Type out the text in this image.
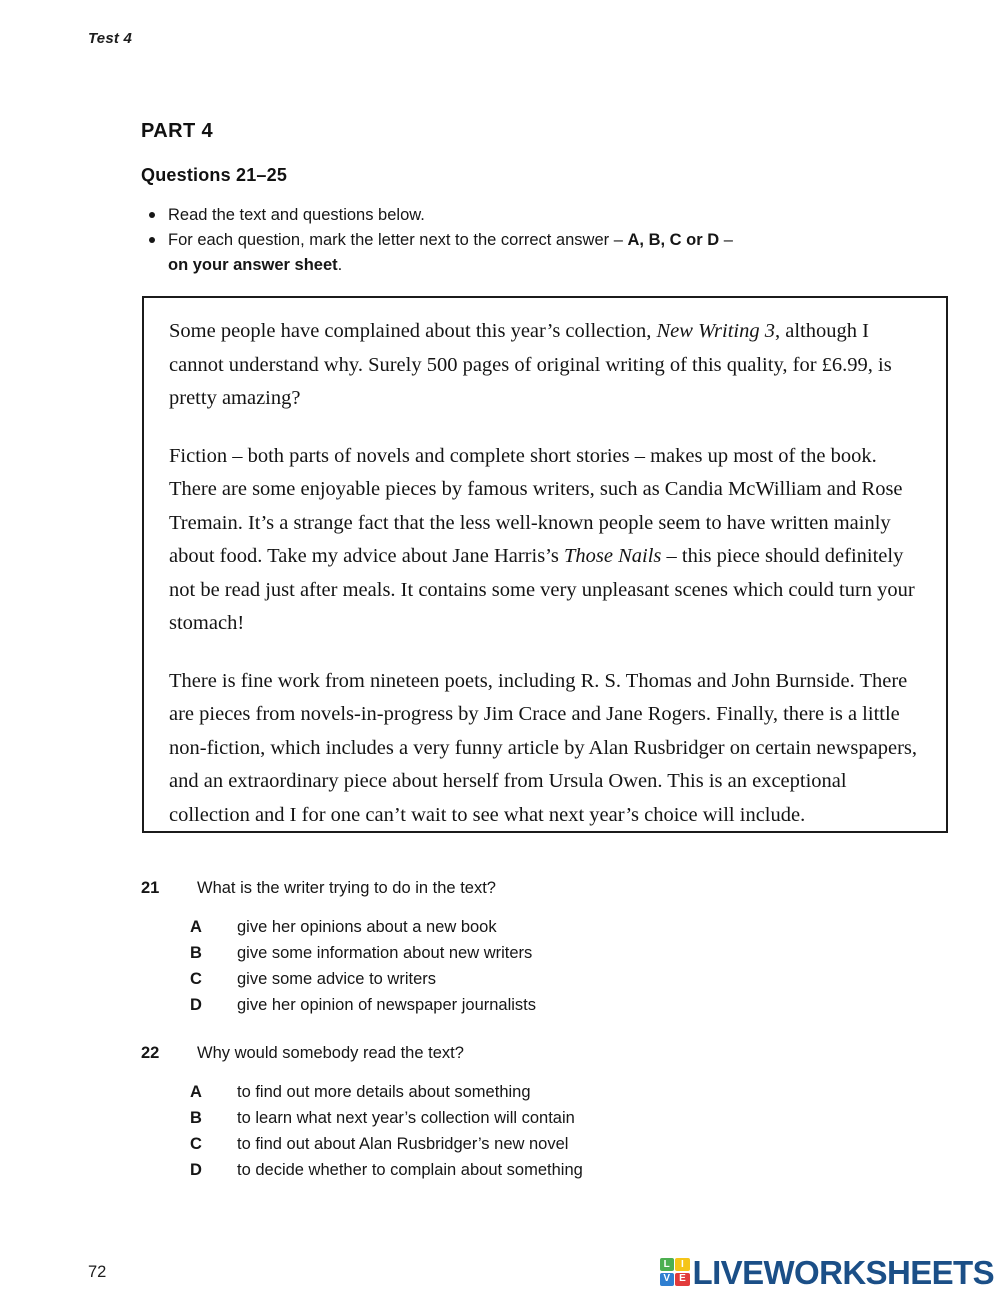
Test 4
PART 4
Questions 21–25
Read the text and questions below.
For each question, mark the letter next to the correct answer – A, B, C or D –
on your answer sheet.

Some people have complained about this year’s collection, New Writing 3, although I cannot understand why. Surely 500 pages of original writing of this quality, for £6.99, is pretty amazing?

Fiction – both parts of novels and complete short stories – makes up most of the book. There are some enjoyable pieces by famous writers, such as Candia McWilliam and Rose Tremain. It’s a strange fact that the less well-known people seem to have written mainly about food. Take my advice about Jane Harris’s Those Nails – this piece should definitely not be read just after meals. It contains some very unpleasant scenes which could turn your stomach!

There is fine work from nineteen poets, including R. S. Thomas and John Burnside. There are pieces from novels-in-progress by Jim Crace and Jane Rogers. Finally, there is a little non-fiction, which includes a very funny article by Alan Rusbridger on certain newspapers, and an extraordinary piece about herself from Ursula Owen. This is an exceptional collection and I for one can’t wait to see what next year’s choice will include.

21 What is the writer trying to do in the text?
A give her opinions about a new book
B give some information about new writers
C give some advice to writers
D give her opinion of newspaper journalists
22 Why would somebody read the text?
A to find out more details about something
B to learn what next year’s collection will contain
C to find out about Alan Rusbridger’s new novel
D to decide whether to complain about something
72	L	I
V E LIVEWORKSHEETS
